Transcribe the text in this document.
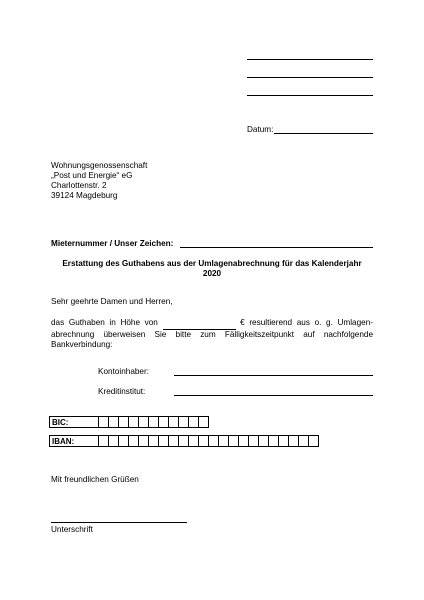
Datum:
Wohnungsgenossenschaft
„Post und Energie“ eG
Charlottenstr. 2
39124 Magdeburg
Mieternummer / Unser Zeichen:
Erstattung des Guthabens aus der Umlagenabrechnung für das Kalenderjahr
2020
Sehr geehrte Damen und Herren,
das Guthaben in Höhe von	€ resultierend aus o. g. Umlagen-abrechnung überweisen Sie bitte zum Fälligkeitszeitpunkt auf nachfolgende Bankverbindung:
Kontoinhaber:
Kreditinstitut:
BIC:											
IBAN:																						
Mit freundlichen Grüßen
Unterschrift
